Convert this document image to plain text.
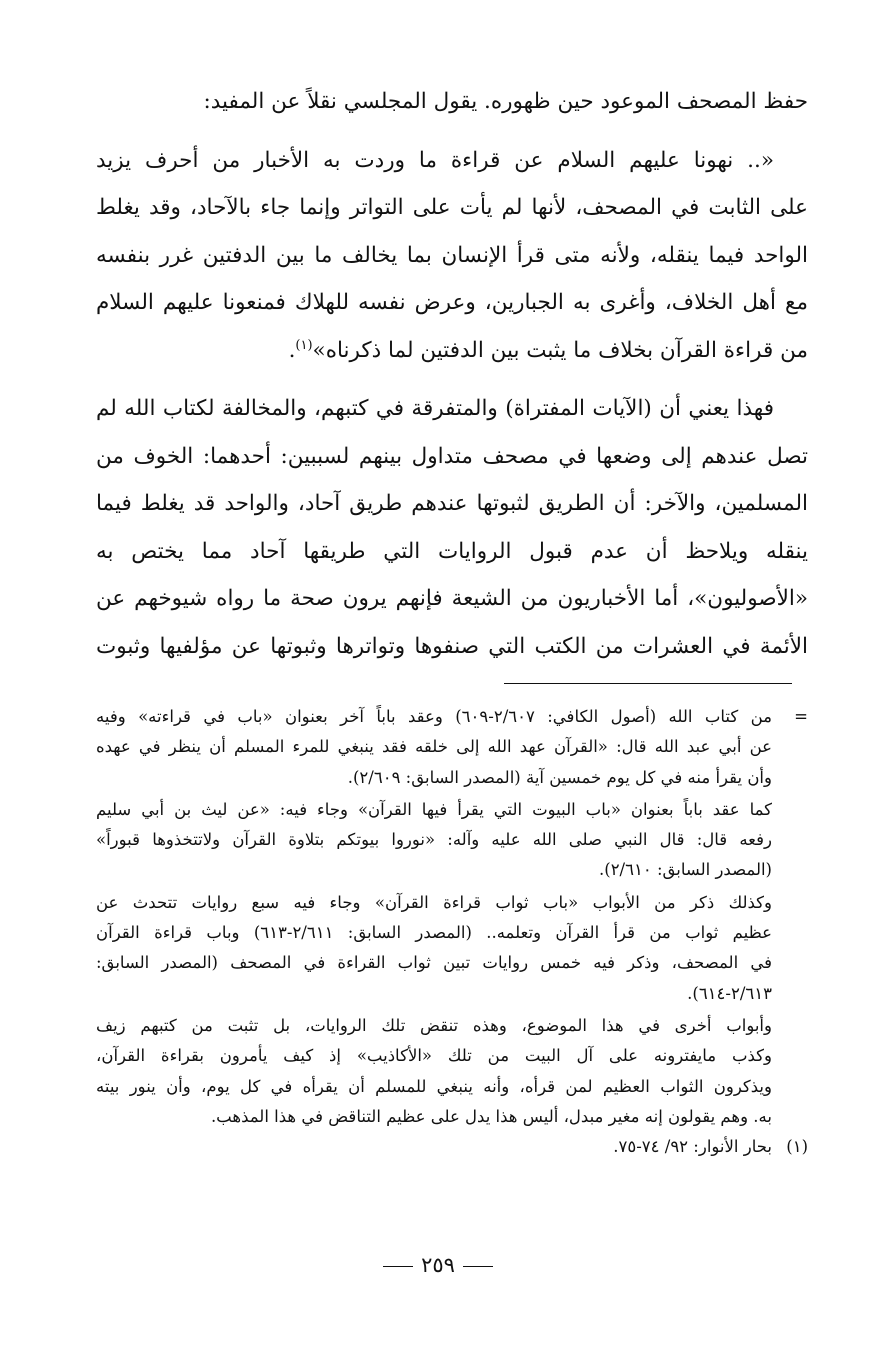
حفظ المصحف الموعود حين ظهوره. يقول المجلسي نقلاً عن المفيد:
«.. نهونا عليهم السلام عن قراءة ما وردت به الأخبار من أحرف يزيد
على الثابت في المصحف، لأنها لم يأت على التواتر وإنما جاء بالآحاد، وقد يغلط
الواحد فيما ينقله، ولأنه متى قرأ الإنسان بما يخالف ما بين الدفتين غرر بنفسه
مع أهل الخلاف، وأغرى به الجبارين، وعرض نفسه للهلاك فمنعونا عليهم السلام
من قراءة القرآن بخلاف ما يثبت بين الدفتين لما ذكرناه»$^{(١)}$.
فهذا يعني أن (الآيات المفتراة) والمتفرقة في كتبهم، والمخالفة لكتاب الله لم
تصل عندهم إلى وضعها في مصحف متداول بينهم لسببين: أحدهما: الخوف من
المسلمين، والآخر: أن الطريق لثبوتها عندهم طريق آحاد، والواحد قد يغلط فيما
ينقله ويلاحظ أن عدم قبول الروايات التي طريقها آحاد مما يختص به
«الأصوليون»، أما الأخباريون من الشيعة فإنهم يرون صحة ما رواه شيوخهم عن
الأئمة في العشرات من الكتب التي صنفوها وتواترها وثبوتها عن مؤلفيها وثبوت
=
من كتاب الله (أصول الكافي: ٢/٦٠٧-٦٠٩) وعقد باباً آخر بعنوان «باب في قراءته» وفيه
عن أبي عبد الله قال: «القرآن عهد الله إلى خلقه فقد ينبغي للمرء المسلم أن ينظر في عهده
وأن يقرأ منه في كل يوم خمسين آية (المصدر السابق: ٢/٦٠٩).
كما عقد باباً بعنوان «باب البيوت التي يقرأ فيها القرآن» وجاء فيه: «عن ليث بن أبي سليم
رفعه قال: قال النبي صلى الله عليه وآله: «نوروا بيوتكم بتلاوة القرآن ولاتتخذوها قبوراً»
(المصدر السابق: ٢/٦١٠).
وكذلك ذكر من الأبواب «باب ثواب قراءة القرآن» وجاء فيه سبع روايات تتحدث عن
عظيم ثواب من قرأ القرآن وتعلمه.. (المصدر السابق: ٢/٦١١-٦١٣) وباب قراءة القرآن
في المصحف، وذكر فيه خمس روايات تبين ثواب القراءة في المصحف (المصدر السابق:
٢/٦١٣-٦١٤).
وأبواب أخرى في هذا الموضوع، وهذه تنقض تلك الروايات، بل تثبت من كتبهم زيف
وكذب مايفترونه على آل البيت من تلك «الأكاذيب» إذ كيف يأمرون بقراءة القرآن،
ويذكرون الثواب العظيم لمن قرأه، وأنه ينبغي للمسلم أن يقرأه في كل يوم، وأن ينور بيته
به. وهم يقولون إنه مغير مبدل، أليس هذا يدل على عظيم التناقض في هذا المذهب.
(١)
بحار الأنوار: ٩٢/ ٧٤-٧٥.
٢٥٩
